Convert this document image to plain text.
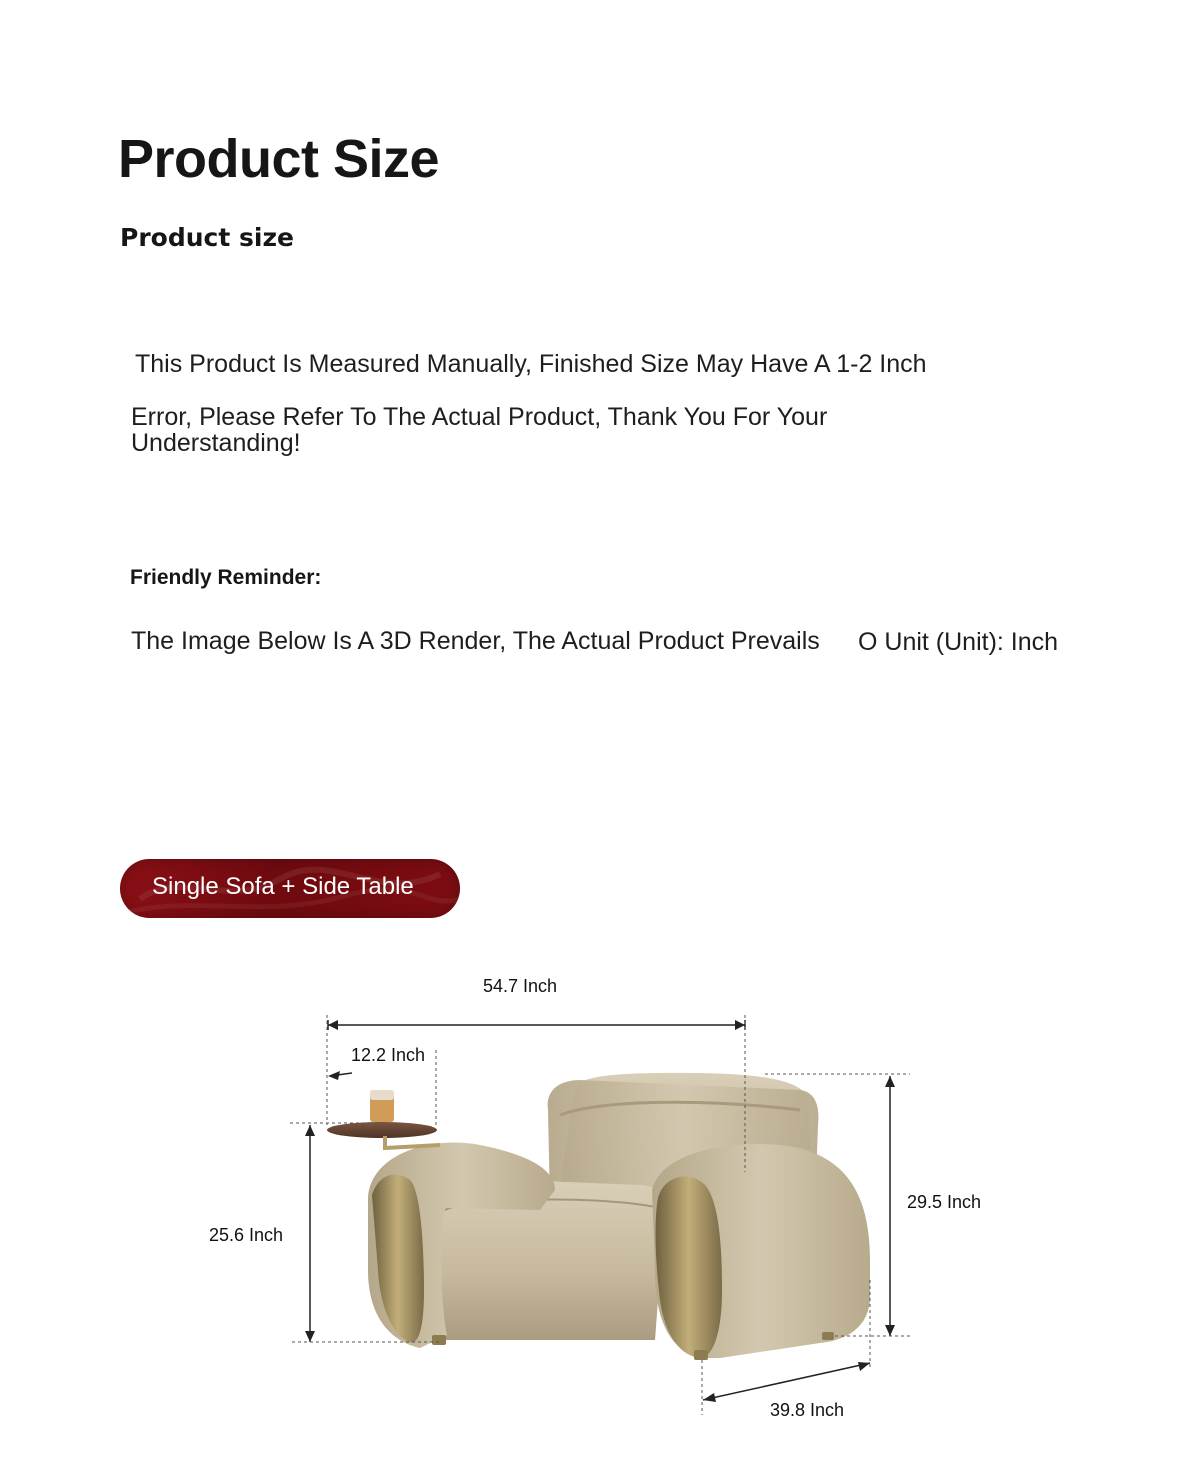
Product Size
Product size
This Product Is Measured Manually, Finished Size May Have A 1-2 Inch
Error, Please Refer To The Actual Product, Thank You For Your Understanding!
Friendly Reminder:
The Image Below Is A 3D Render, The Actual Product Prevails O Unit (Unit): Inch
Single Sofa + Side Table
54.7 Inch
12.2 Inch
25.6 Inch
29.5 Inch
39.8 Inch
